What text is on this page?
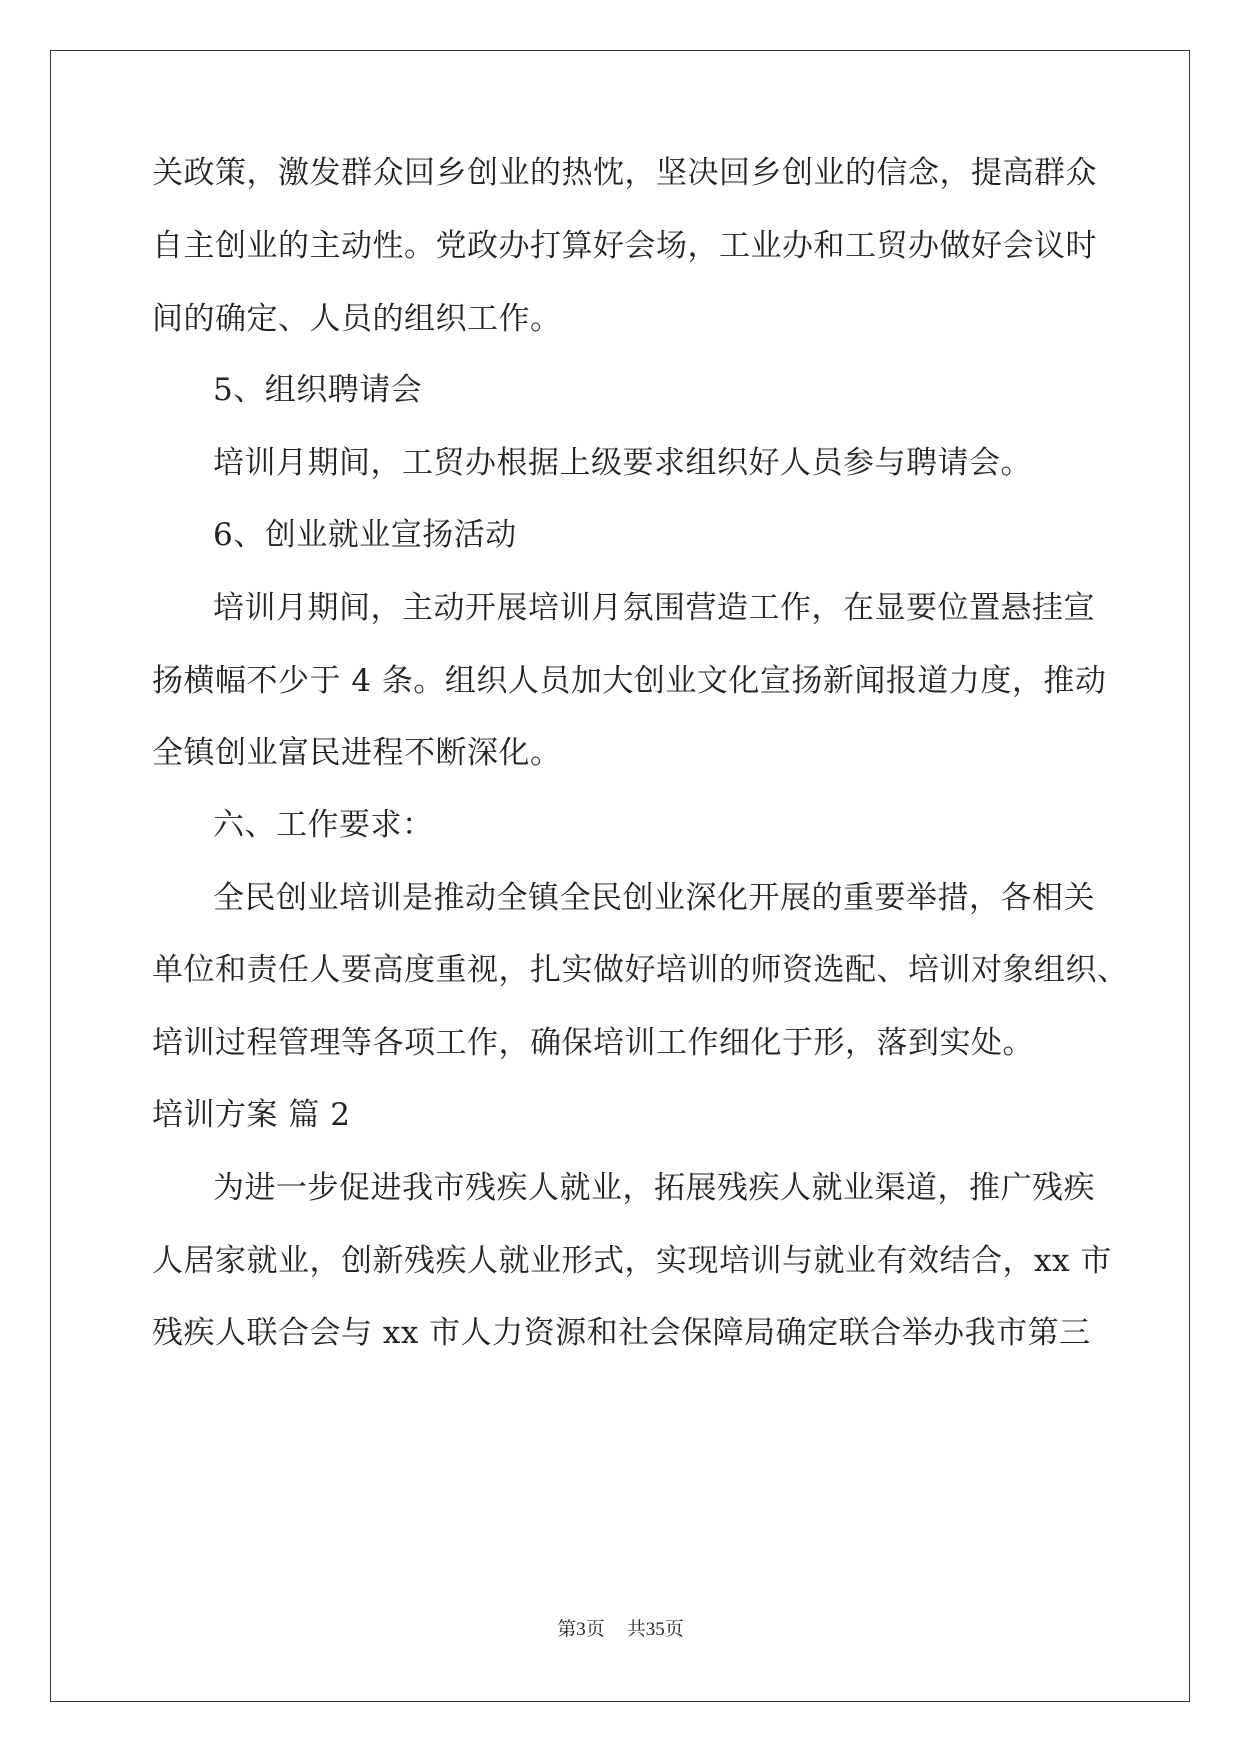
关政策，激发群众回乡创业的热忱，坚决回乡创业的信念，提高群众
自主创业的主动性。党政办打算好会场，工业办和工贸办做好会议时
间的确定、人员的组织工作。
5、组织聘请会
培训月期间，工贸办根据上级要求组织好人员参与聘请会。
6、创业就业宣扬活动
培训月期间，主动开展培训月氛围营造工作，在显要位置悬挂宣
扬横幅不少于 4 条。组织人员加大创业文化宣扬新闻报道力度，推动
全镇创业富民进程不断深化。
六、工作要求：
全民创业培训是推动全镇全民创业深化开展的重要举措，各相关
单位和责任人要高度重视，扎实做好培训的师资选配、培训对象组织、
培训过程管理等各项工作，确保培训工作细化于形，落到实处。
培训方案 篇 2
为进一步促进我市残疾人就业，拓展残疾人就业渠道，推广残疾
人居家就业，创新残疾人就业形式，实现培训与就业有效结合，xx 市
残疾人联合会与 xx 市人力资源和社会保障局确定联合举办我市第三
第3页 共35页
